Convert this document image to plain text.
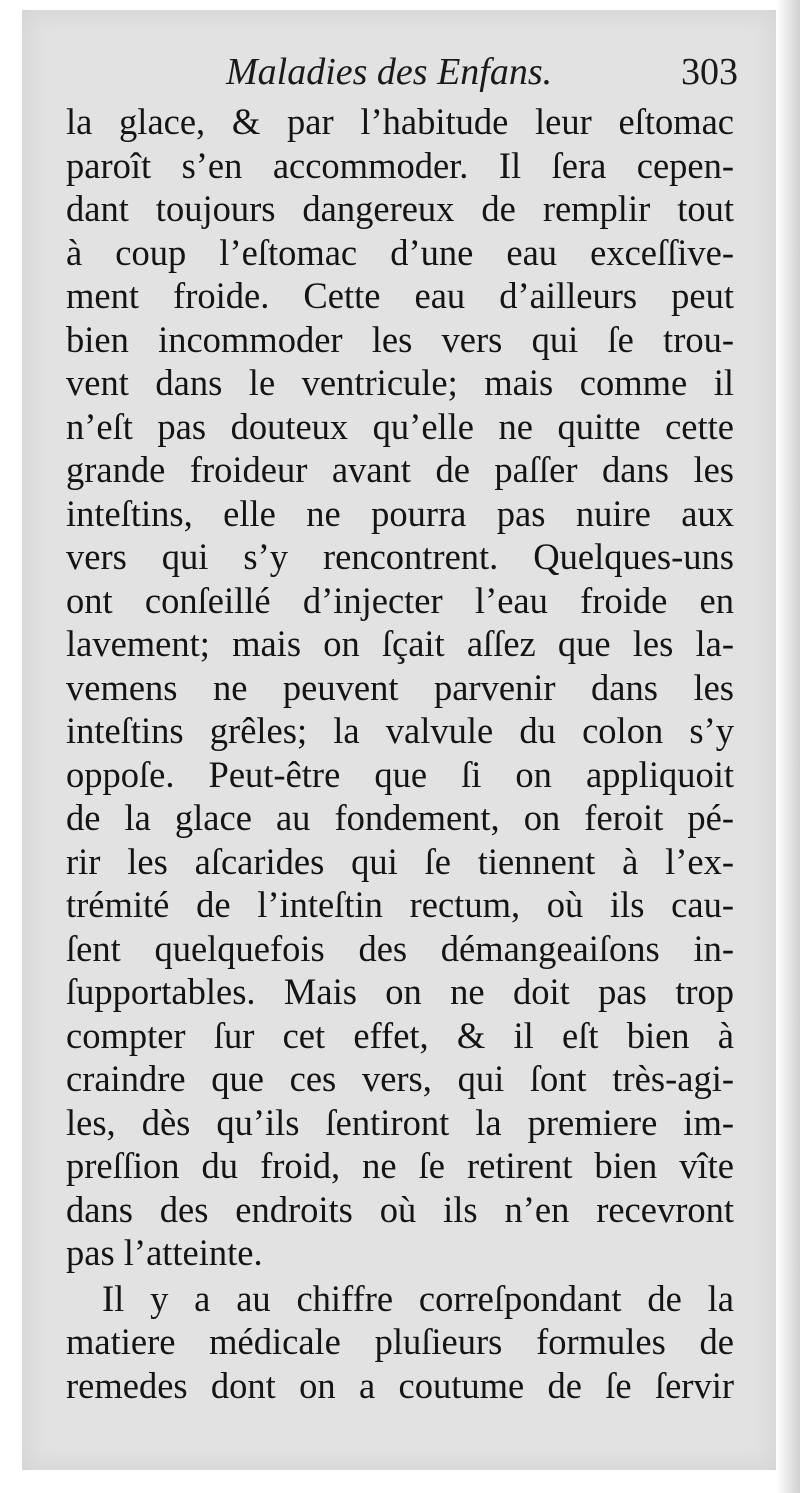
Maladies des Enfans.	303
la glace, & par l’habitude leur eſtomac
paroît s’en accommoder. Il ſera cepen-
dant toujours dangereux de remplir tout
à coup l’eſtomac d’une eau exceſſive-
ment froide. Cette eau d’ailleurs peut
bien incommoder les vers qui ſe trou-
vent dans le ventricule; mais comme il
n’eſt pas douteux qu’elle ne quitte cette
grande froideur avant de paſſer dans les
inteſtins, elle ne pourra pas nuire aux
vers qui s’y rencontrent. Quelques-uns
ont conſeillé d’injecter l’eau froide en
lavement; mais on ſçait aſſez que les la-
vemens ne peuvent parvenir dans les
inteſtins grêles; la valvule du colon s’y
oppoſe. Peut-être que ſi on appliquoit
de la glace au fondement, on feroit pé-
rir les aſcarides qui ſe tiennent à l’ex-
trémité de l’inteſtin rectum, où ils cau-
ſent quelquefois des démangeaiſons in-
ſupportables. Mais on ne doit pas trop
compter ſur cet effet, & il eſt bien à
craindre que ces vers, qui ſont très-agi-
les, dès qu’ils ſentiront la premiere im-
preſſion du froid, ne ſe retirent bien vîte
dans des endroits où ils n’en recevront
pas l’atteinte.
Il y a au chiffre correſpondant de la
matiere médicale pluſieurs formules de
remedes dont on a coutume de ſe ſervir
